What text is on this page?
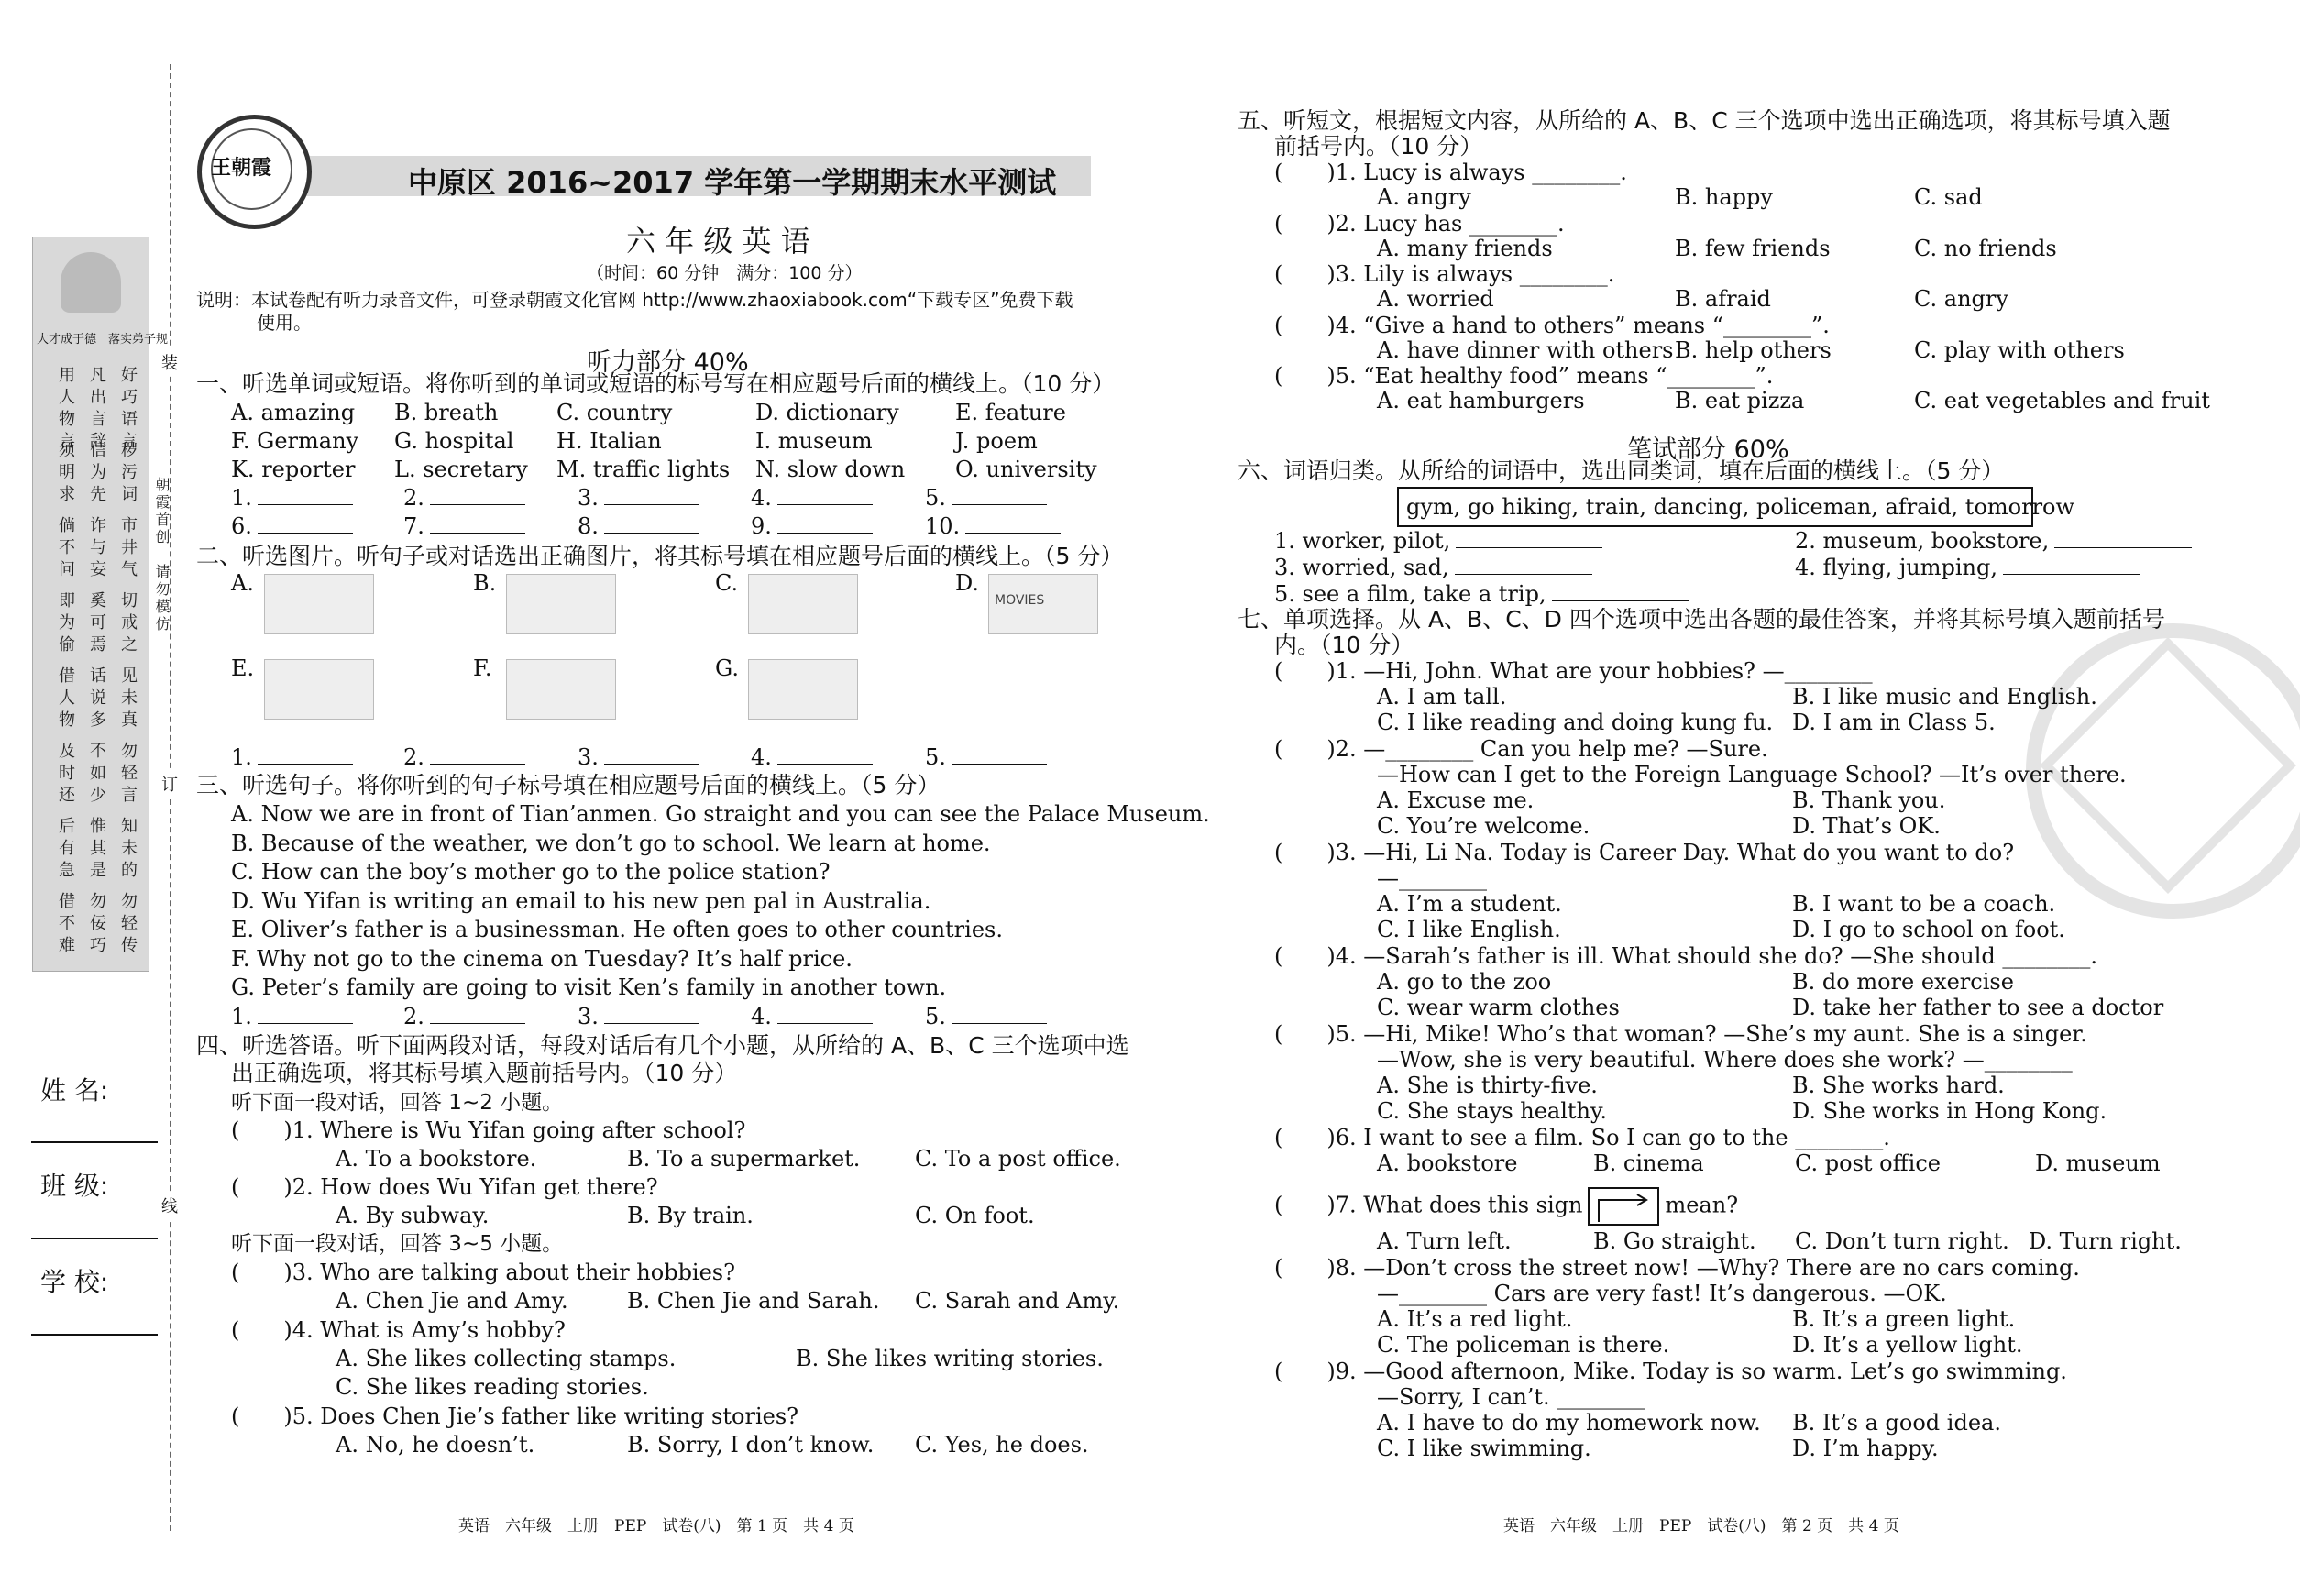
大才成于德　落实弟子规
好巧语言
凡出言辞
用人物言
秽污词
信为先
须明求
市井气
诈与妄
倘不问
切戒之
奚可焉
即为偷
见未真
话说多
借人物
勿轻言
不如少
及时还
知未的
惟其是
后有急
勿轻传
勿佞巧
借不难
装
订
线
朝霞首创　请勿模仿
姓 名:
班 级:
学 校:
中原区 2016~2017 学年第一学期期末水平测试
王朝霞
六 年 级 英 语
（时间：60 分钟　满分：100 分）
说明：本试卷配有听力录音文件，可登录朝霞文化官网 http://www.zhaoxiabook.com“下载专区”免费下载
使用。
听力部分 40%
一、听选单词或短语。将你听到的单词或短语的标号写在相应题号后面的横线上。（10 分）
A. amazing B. breath	C. country	D. dictionary	E. feature
F. Germany G. hospital H. Italian	I. museum	J. poem
K. reporter L. secretary M. traffic lights N. slow down O. university
1.	2.	3.	4.	5.
6.	7.	8.	9.	10.
二、听选图片。听句子或对话选出正确图片，将其标号填在相应题号后面的横线上。（5 分）
A.	B.	C.	D.
MOVIES
E.	F.	G.
1.	2.	3.	4.	5.
三、听选句子。将你听到的句子标号填在相应题号后面的横线上。（5 分）
A. Now we are in front of Tian’anmen. Go straight and you can see the Palace Museum.
B. Because of the weather, we don’t go to school. We learn at home.
C. How can the boy’s mother go to the police station?
D. Wu Yifan is writing an email to his new pen pal in Australia.
E. Oliver’s father is a businessman. He often goes to other countries.
F. Why not go to the cinema on Tuesday? It’s half price.
G. Peter’s family are going to visit Ken’s family in another town.
1.	2.	3.	4.	5.
四、听选答语。听下面两段对话，每段对话后有几个小题，从所给的 A、B、C 三个选项中选
出正确选项，将其标号填入题前括号内。（10 分）
听下面一段对话，回答 1~2 小题。
(　　)1. Where is Wu Yifan going after school?
A. To a bookstore.	B. To a supermarket. C. To a post office.
(　　)2. How does Wu Yifan get there?
A. By subway.	B. By train.	C. On foot.
听下面一段对话，回答 3~5 小题。
(　　)3. Who are talking about their hobbies?
A. Chen Jie and Amy.	B. Chen Jie and Sarah. C. Sarah and Amy.
(　　)4. What is Amy’s hobby?
A. She likes collecting stamps.	B. She likes writing stories.
C. She likes reading stories.
(　　)5. Does Chen Jie’s father like writing stories?
A. No, he doesn’t.	B. Sorry, I don’t know. C. Yes, he does.
英语　六年级　上册　PEP　试卷(八)　第 1 页　共 4 页
五、听短文，根据短文内容，从所给的 A、B、C 三个选项中选出正确选项，将其标号填入题
前括号内。（10 分）
(　　)1. Lucy is always ________.
A. angry	B. happy	C. sad
(　　)2. Lucy has ________.
A. many friends	B. few friends	C. no friends
(　　)3. Lily is always ________.
A. worried	B. afraid	C. angry
(　　)4. “Give a hand to others” means “________”.
A. have dinner with others B. help others	C. play with others
(　　)5. “Eat healthy food” means “________”.
A. eat hamburgers	B. eat pizza	C. eat vegetables and fruit
笔试部分 60%
六、词语归类。从所给的词语中，选出同类词，填在后面的横线上。（5 分）
gym, go hiking, train, dancing, policeman, afraid, tomorrow
1. worker, pilot,	2. museum, bookstore,
3. worried, sad,	4. flying, jumping,
5. see a film, take a trip,
七、单项选择。从 A、B、C、D 四个选项中选出各题的最佳答案，并将其标号填入题前括号
内。（10 分）
(　　)1. —Hi, John. What are your hobbies? —________
A. I am tall.	B. I like music and English.
C. I like reading and doing kung fu. D. I am in Class 5.
(　　)2. —________ Can you help me? —Sure.
—How can I get to the Foreign Language School? —It’s over there.
A. Excuse me.	B. Thank you.
C. You’re welcome.	D. That’s OK.
(　　)3. —Hi, Li Na. Today is Career Day. What do you want to do?
—________
A. I’m a student.	B. I want to be a coach.
C. I like English.	D. I go to school on foot.
(　　)4. —Sarah’s father is ill. What should she do? —She should ________.
A. go to the zoo	B. do more exercise
C. wear warm clothes	D. take her father to see a doctor
(　　)5. —Hi, Mike! Who’s that woman? —She’s my aunt. She is a singer.
—Wow, she is very beautiful. Where does she work? —________
A. She is thirty-five.	B. She works hard.
C. She stays healthy.	D. She works in Hong Kong.
(　　)6. I want to see a film. So I can go to the ________.
A. bookstore	B. cinema	C. post office	D. museum
(　　)7. What does this sign	mean?
A. Turn left.	B. Go straight. C. Don’t turn right. D. Turn right.
(　　)8. —Don’t cross the street now! —Why? There are no cars coming.
—________ Cars are very fast! It’s dangerous. —OK.
A. It’s a red light.	B. It’s a green light.
C. The policeman is there.	D. It’s a yellow light.
(　　)9. —Good afternoon, Mike. Today is so warm. Let’s go swimming.
—Sorry, I can’t. ________
A. I have to do my homework now. B. It’s a good idea.
C. I like swimming.	D. I’m happy.
英语　六年级　上册　PEP　试卷(八)　第 2 页　共 4 页
